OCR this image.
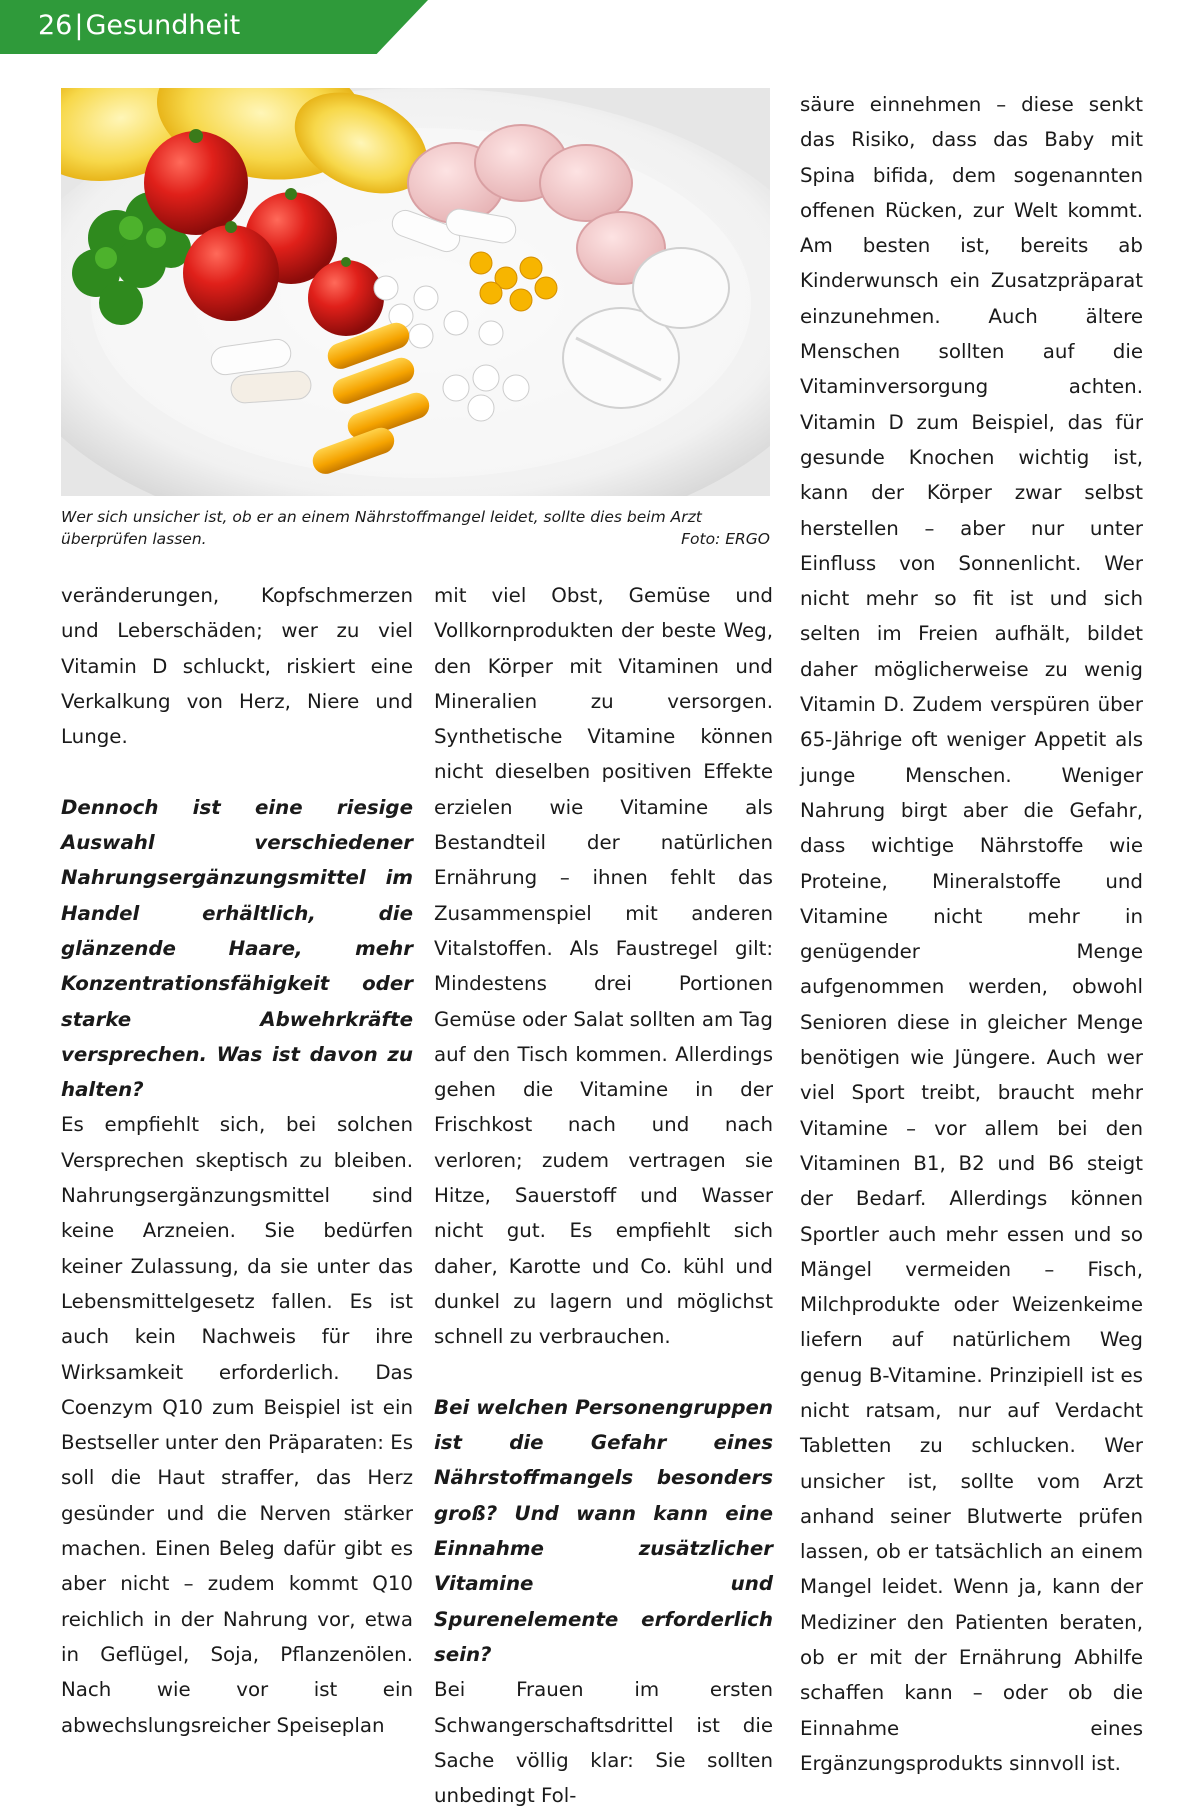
26|Gesundheit
Wer sich unsicher ist, ob er an einem Nährstoffmangel leidet, sollte dies beim Arzt überprüfen lassen.	Foto: ERGO

veränderungen, Kopfschmerzen und Leberschäden; wer zu viel Vitamin D schluckt, riskiert eine Verkalkung von Herz, Niere und Lunge.

Dennoch ist eine riesige Auswahl verschiedener Nahrungsergänzungsmittel im Handel erhältlich, die glänzende Haare, mehr Konzentrationsfähigkeit oder starke Abwehrkräfte versprechen. Was ist davon zu halten?

Es empfiehlt sich, bei solchen Versprechen skeptisch zu bleiben. Nahrungsergänzungsmittel sind keine Arzneien. Sie bedürfen keiner Zulassung, da sie unter das Lebensmittelgesetz fallen. Es ist auch kein Nachweis für ihre Wirksamkeit erforderlich. Das Coenzym Q10 zum Beispiel ist ein Bestseller unter den Präparaten: Es soll die Haut straffer, das Herz gesünder und die Nerven stärker machen. Einen Beleg dafür gibt es aber nicht – zudem kommt Q10 reichlich in der Nahrung vor, etwa in Geflügel, Soja, Pflanzenölen. Nach wie vor ist ein abwechslungsreicher Speiseplan

mit viel Obst, Gemüse und Vollkornprodukten der beste Weg, den Körper mit Vitaminen und Mineralien zu versorgen. Synthetische Vitamine können nicht dieselben positiven Effekte erzielen wie Vitamine als Bestandteil der natürlichen Ernährung – ihnen fehlt das Zusammenspiel mit anderen Vitalstoffen. Als Faustregel gilt: Mindestens drei Portionen Gemüse oder Salat sollten am Tag auf den Tisch kommen. Allerdings gehen die Vitamine in der Frischkost nach und nach verloren; zudem vertragen sie Hitze, Sauerstoff und Wasser nicht gut. Es empfiehlt sich daher, Karotte und Co. kühl und dunkel zu lagern und möglichst schnell zu verbrauchen.

Bei welchen Personengruppen ist die Gefahr eines Nährstoffmangels besonders groß? Und wann kann eine Einnahme zusätzlicher Vitamine und Spurenelemente erforderlich sein?

Bei Frauen im ersten Schwangerschaftsdrittel ist die Sache völlig klar: Sie sollten unbedingt Fol-

säure einnehmen – diese senkt das Risiko, dass das Baby mit Spina bifida, dem sogenannten offenen Rücken, zur Welt kommt. Am besten ist, bereits ab Kinderwunsch ein Zusatzpräparat einzunehmen. Auch ältere Menschen sollten auf die Vitaminversorgung achten. Vitamin D zum Beispiel, das für gesunde Knochen wichtig ist, kann der Körper zwar selbst herstellen – aber nur unter Einfluss von Sonnenlicht. Wer nicht mehr so fit ist und sich selten im Freien aufhält, bildet daher möglicherweise zu wenig Vitamin D. Zudem verspüren über 65-Jährige oft weniger Appetit als junge Menschen. Weniger Nahrung birgt aber die Gefahr, dass wichtige Nährstoffe wie Proteine, Mineralstoffe und Vitamine nicht mehr in genügender Menge aufgenommen werden, obwohl Senioren diese in gleicher Menge benötigen wie Jüngere. Auch wer viel Sport treibt, braucht mehr Vitamine – vor allem bei den Vitaminen B1, B2 und B6 steigt der Bedarf. Allerdings können Sportler auch mehr essen und so Mängel vermeiden – Fisch, Milchprodukte oder Weizenkeime liefern auf natürlichem Weg genug B-Vitamine. Prinzipiell ist es nicht ratsam, nur auf Verdacht Tabletten zu schlucken. Wer unsicher ist, sollte vom Arzt anhand seiner Blutwerte prüfen lassen, ob er tatsächlich an einem Mangel leidet. Wenn ja, kann der Mediziner den Patienten beraten, ob er mit der Ernährung Abhilfe schaffen kann – oder ob die Einnahme eines Ergänzungsprodukts sinnvoll ist.
